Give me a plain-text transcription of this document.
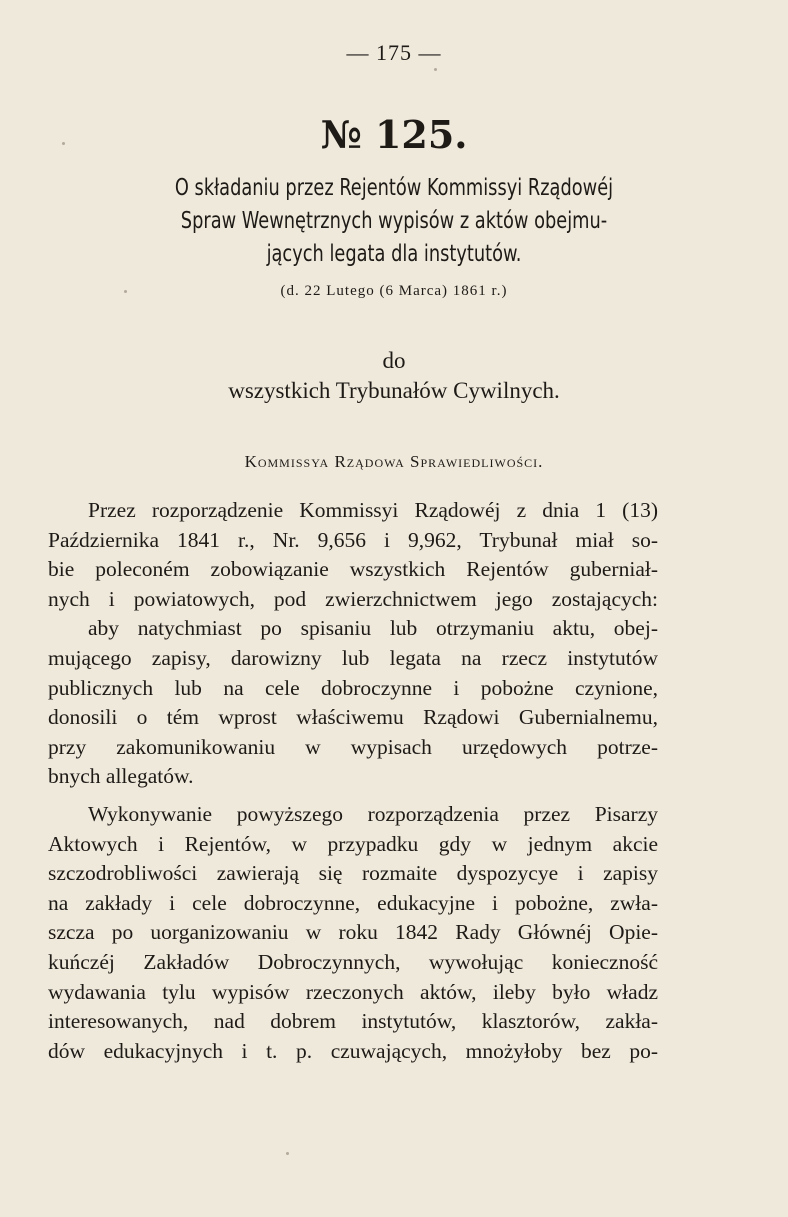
— 175 —
№ 125.
O składaniu przez Rejentów Kommissyi Rządowéj
Spraw Wewnętrznych wypisów z aktów obejmu-
jących legata dla instytutów.
(d. 22 Lutego (6 Marca) 1861 r.)
do
wszystkich Trybunałów Cywilnych.
Kommissya Rządowa Sprawiedliwości.
Przez rozporządzenie Kommissyi Rządowéj z dnia 1 (13)
Października 1841 r., Nr. 9,656 i 9,962, Trybunał miał so-
bie poleconém zobowiązanie wszystkich Rejentów guberniał-
nych i powiatowych, pod zwierzchnictwem jego zostających:
aby natychmiast po spisaniu lub otrzymaniu aktu, obej-
mującego zapisy, darowizny lub legata na rzecz instytutów
publicznych lub na cele dobroczynne i pobożne czynione,
donosili o tém wprost właściwemu Rządowi Gubernialnemu,
przy zakomunikowaniu w wypisach urzędowych potrze-
bnych allegatów.
Wykonywanie powyższego rozporządzenia przez Pisarzy
Aktowych i Rejentów, w przypadku gdy w jednym akcie
szczodrobliwości zawierają się rozmaite dyspozycye i zapisy
na zakłady i cele dobroczynne, edukacyjne i pobożne, zwła-
szcza po uorganizowaniu w roku 1842 Rady Głównéj Opie-
kuńczéj Zakładów Dobroczynnych, wywołując konieczność
wydawania tylu wypisów rzeczonych aktów, ileby było władz
interesowanych, nad dobrem instytutów, klasztorów, zakła-
dów edukacyjnych i t. p. czuwających, mnożyłoby bez po-
